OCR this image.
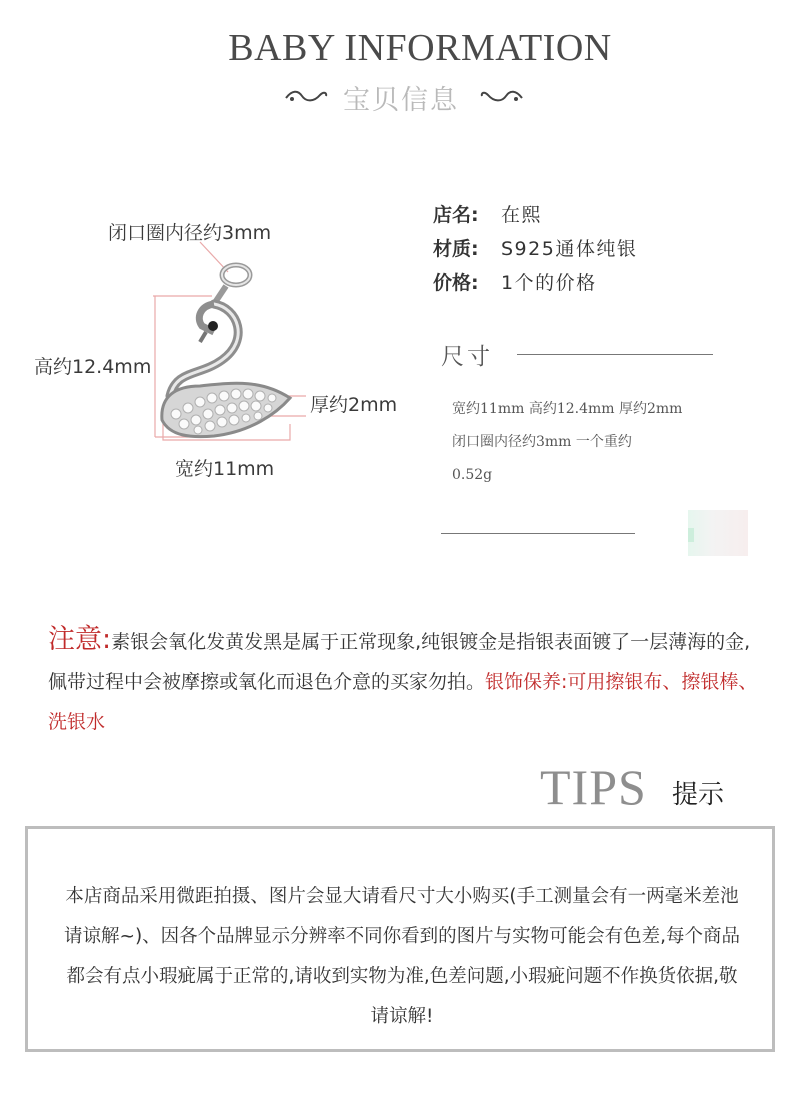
BABY INFORMATION
宝贝信息
闭口圈内径约3mm
高约12.4mm
厚约2mm
宽约11mm
店名: 在熙
材质: S925通体纯银
价格: 1个的价格
尺寸
宽约11mm 高约12.4mm 厚约2mm
闭口圈内径约3mm 一个重约
0.52g
注意:素银会氧化发黄发黑是属于正常现象,纯银镀金是指银表面镀了一层薄海的金,佩带过程中会被摩擦或氧化而退色介意的买家勿拍。银饰保养:可用擦银布、擦银棒、洗银水
TIPS 提示
本店商品采用微距拍摄、图片会显大请看尺寸大小购买(手工测量会有一两毫米差池请谅解~)、因各个品牌显示分辨率不同你看到的图片与实物可能会有色差,每个商品都会有点小瑕疵属于正常的,请收到实物为准,色差问题,小瑕疵问题不作换货依据,敬请谅解!
